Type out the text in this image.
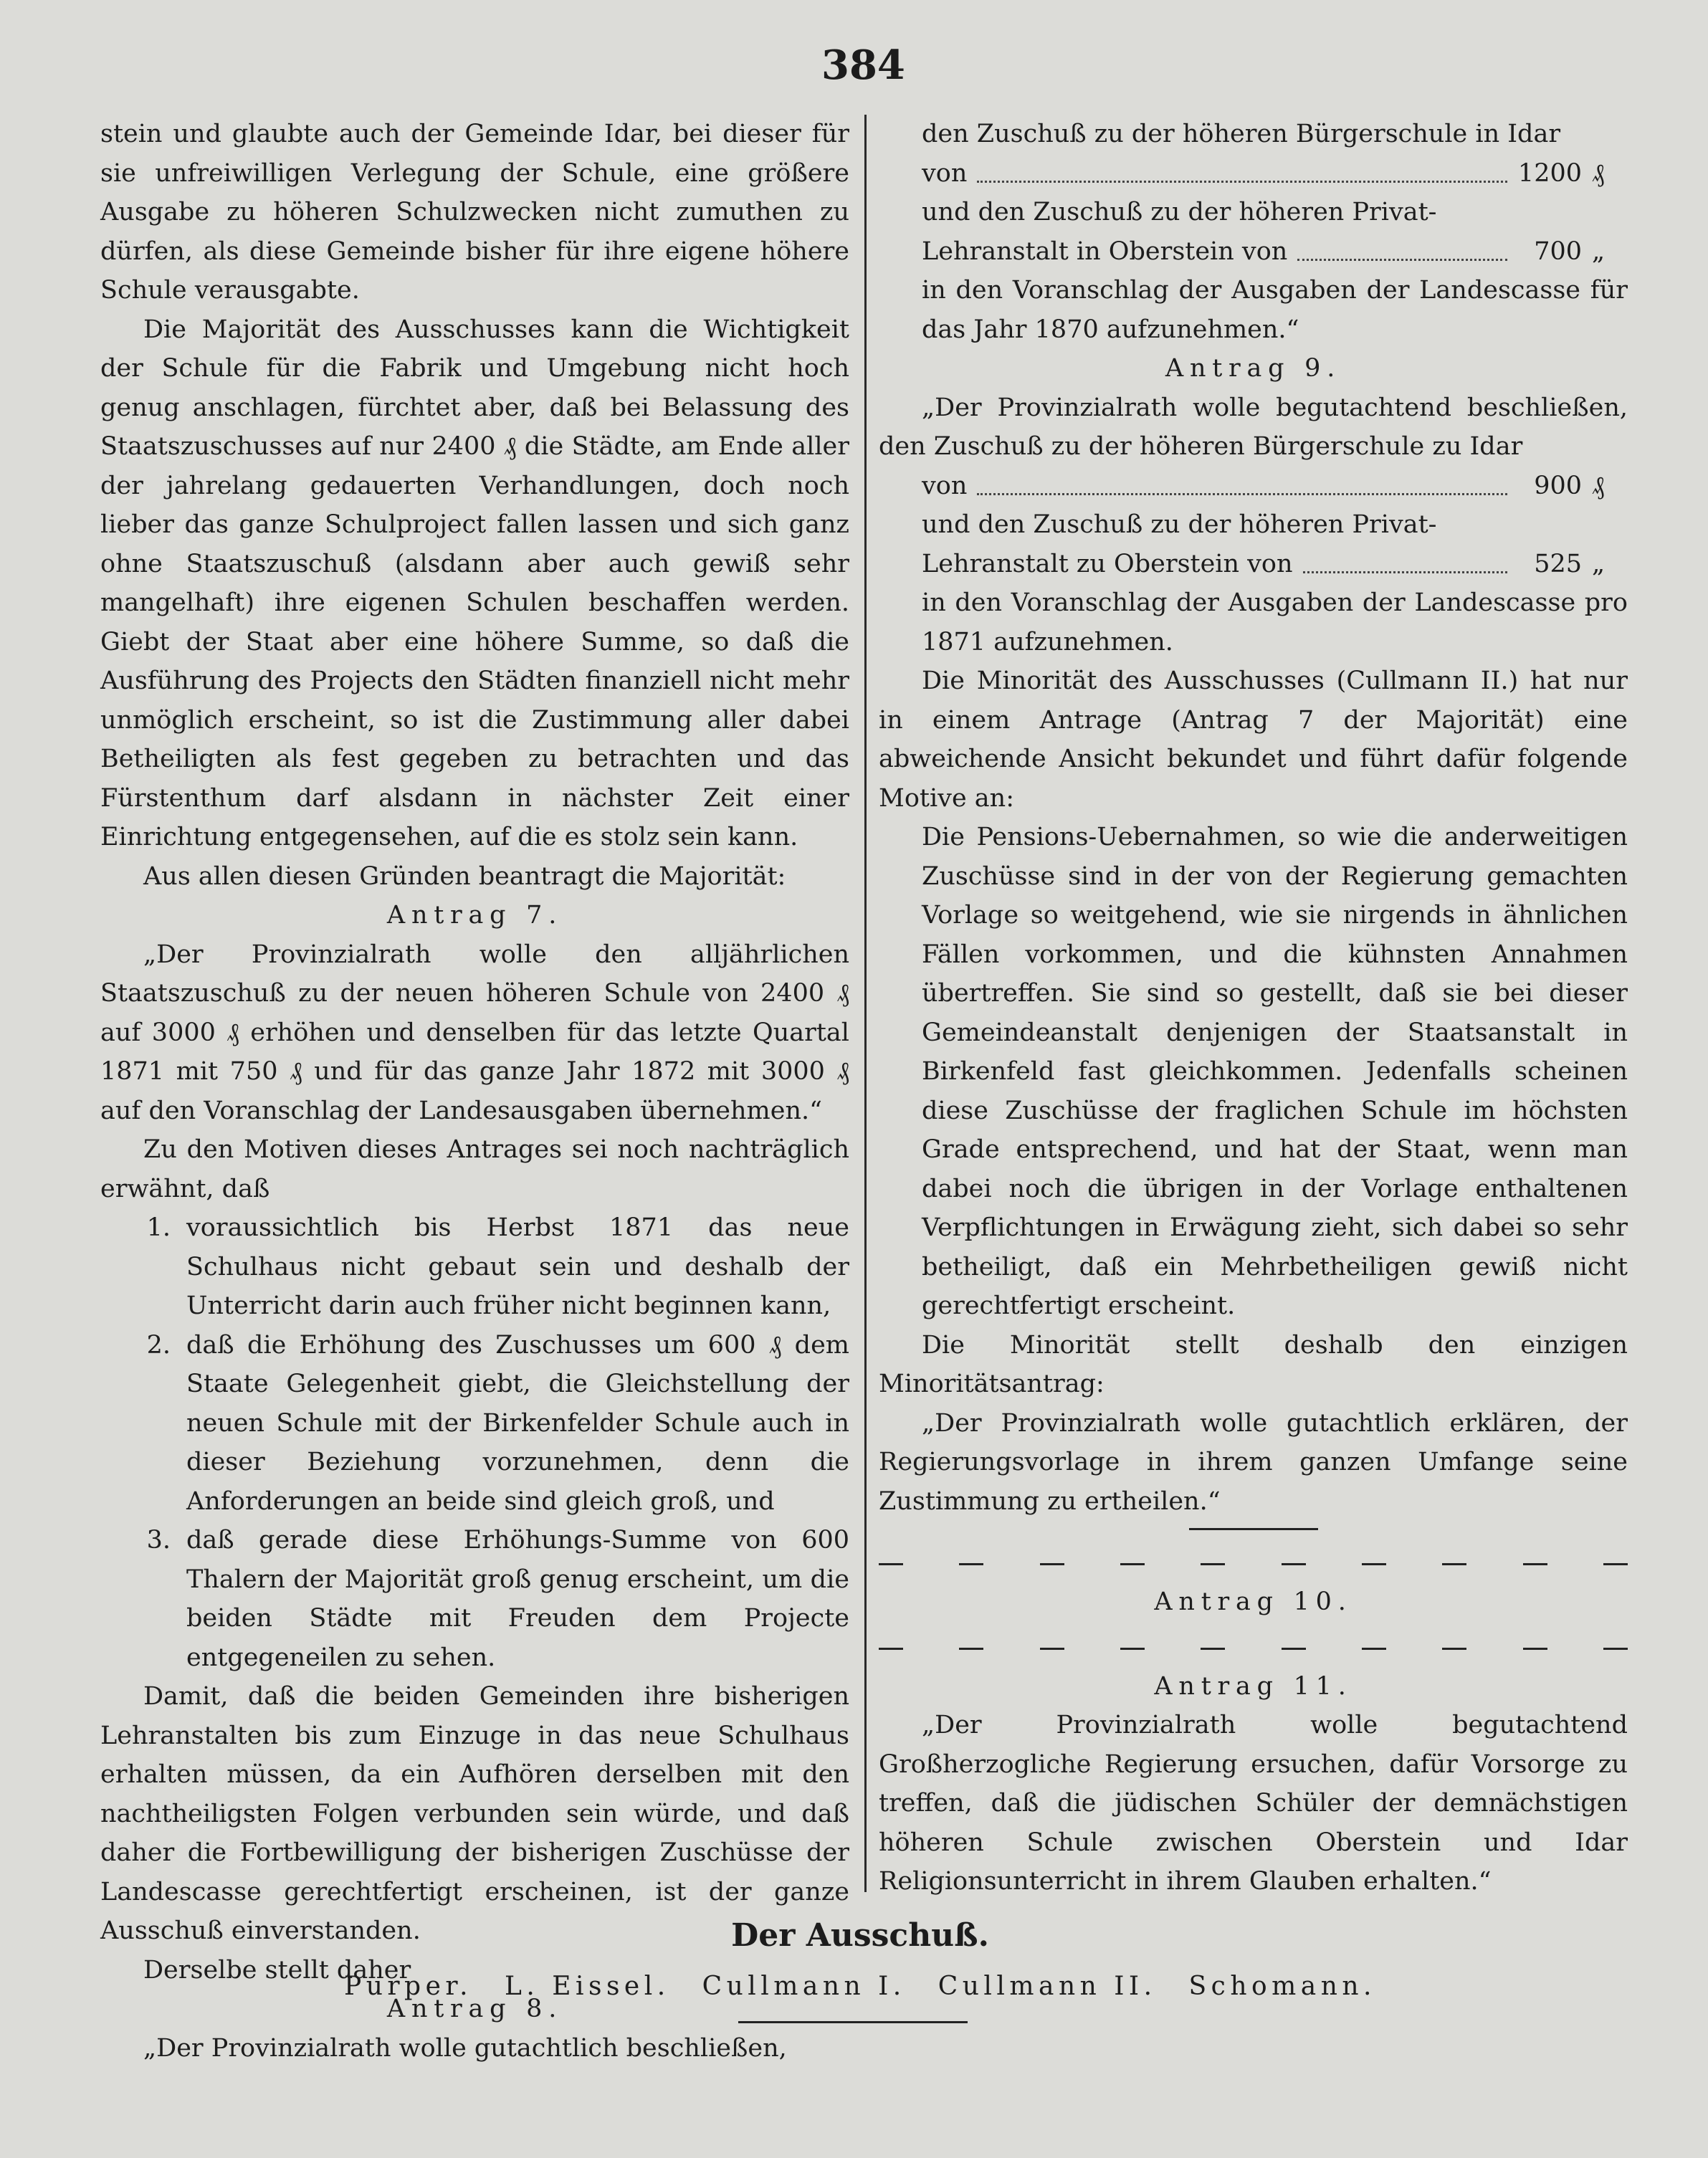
384

stein und glaubte auch der Gemeinde Idar, bei dieser für sie unfreiwilligen Verlegung der Schule, eine größere Ausgabe zu höheren Schulzwecken nicht zumuthen zu dürfen, als diese Gemeinde bisher für ihre eigene höhere Schule verausgabte.

Die Majorität des Ausschusses kann die Wichtigkeit der Schule für die Fabrik und Umgebung nicht hoch genug anschlagen, fürchtet aber, daß bei Belassung des Staatszuschusses auf nur 2400 ₰ die Städte, am Ende aller der jahrelang gedauerten Verhandlungen, doch noch lieber das ganze Schulproject fallen lassen und sich ganz ohne Staatszuschuß (alsdann aber auch gewiß sehr mangelhaft) ihre eigenen Schulen beschaffen werden. Giebt der Staat aber eine höhere Summe, so daß die Ausführung des Projects den Städten finanziell nicht mehr unmöglich erscheint, so ist die Zustimmung aller dabei Betheiligten als fest gegeben zu betrachten und das Fürstenthum darf alsdann in nächster Zeit einer Einrichtung entgegensehen, auf die es stolz sein kann.

Aus allen diesen Gründen beantragt die Majorität:

Antrag 7.

„Der Provinzialrath wolle den alljährlichen Staatszuschuß zu der neuen höheren Schule von 2400 ₰ auf 3000 ₰ erhöhen und denselben für das letzte Quartal 1871 mit 750 ₰ und für das ganze Jahr 1872 mit 3000 ₰ auf den Voranschlag der Landesausgaben übernehmen.“

Zu den Motiven dieses Antrages sei noch nachträglich erwähnt, daß

1. voraussichtlich bis Herbst 1871 das neue Schulhaus nicht gebaut sein und deshalb der Unterricht darin auch früher nicht beginnen kann,
2. daß die Erhöhung des Zuschusses um 600 ₰ dem Staate Gelegenheit giebt, die Gleichstellung der neuen Schule mit der Birkenfelder Schule auch in dieser Beziehung vorzunehmen, denn die Anforderungen an beide sind gleich groß, und
3. daß gerade diese Erhöhungs-Summe von 600 Thalern der Majorität groß genug erscheint, um die beiden Städte mit Freuden dem Projecte entgegeneilen zu sehen.

Damit, daß die beiden Gemeinden ihre bisherigen Lehranstalten bis zum Einzuge in das neue Schulhaus erhalten müssen, da ein Aufhören derselben mit den nachtheiligsten Folgen verbunden sein würde, und daß daher die Fortbewilligung der bisherigen Zuschüsse der Landescasse gerechtfertigt erscheinen, ist der ganze Ausschuß einverstanden.

Derselbe stellt daher

Antrag 8.

„Der Provinzialrath wolle gutachtlich beschließen,

den Zuschuß zu der höheren Bürgerschule in Idar

von	1200 ₰

und den Zuschuß zu der höheren Privat-

Lehranstalt in Oberstein von	700 „

in den Voranschlag der Ausgaben der Landescasse für das Jahr 1870 aufzunehmen.“

Antrag 9.

„Der Provinzialrath wolle begutachtend beschließen, den Zuschuß zu der höheren Bürgerschule zu Idar

von	900 ₰

und den Zuschuß zu der höheren Privat-

Lehranstalt zu Oberstein von	525 „

in den Voranschlag der Ausgaben der Landescasse pro 1871 aufzunehmen.

Die Minorität des Ausschusses (Cullmann II.) hat nur in einem Antrage (Antrag 7 der Majorität) eine abweichende Ansicht bekundet und führt dafür folgende Motive an:

Die Pensions-Uebernahmen, so wie die anderweitigen Zuschüsse sind in der von der Regierung gemachten Vorlage so weitgehend, wie sie nirgends in ähnlichen Fällen vorkommen, und die kühnsten Annahmen übertreffen. Sie sind so gestellt, daß sie bei dieser Gemeindeanstalt denjenigen der Staatsanstalt in Birkenfeld fast gleichkommen. Jedenfalls scheinen diese Zuschüsse der fraglichen Schule im höchsten Grade entsprechend, und hat der Staat, wenn man dabei noch die übrigen in der Vorlage enthaltenen Verpflichtungen in Erwägung zieht, sich dabei so sehr betheiligt, daß ein Mehrbetheiligen gewiß nicht gerechtfertigt erscheint.

Die Minorität stellt deshalb den einzigen Minoritätsantrag:

„Der Provinzialrath wolle gutachtlich erklären, der Regierungsvorlage in ihrem ganzen Umfange seine Zustimmung zu ertheilen.“

Antrag 10.

Antrag 11.

„Der Provinzialrath wolle begutachtend Großherzogliche Regierung ersuchen, dafür Vorsorge zu treffen, daß die jüdischen Schüler der demnächstigen höheren Schule zwischen Oberstein und Idar Religionsunterricht in ihrem Glauben erhalten.“

Der Ausschuß.
Purper. L. Eissel. Cullmann I. Cullmann II. Schomann.
